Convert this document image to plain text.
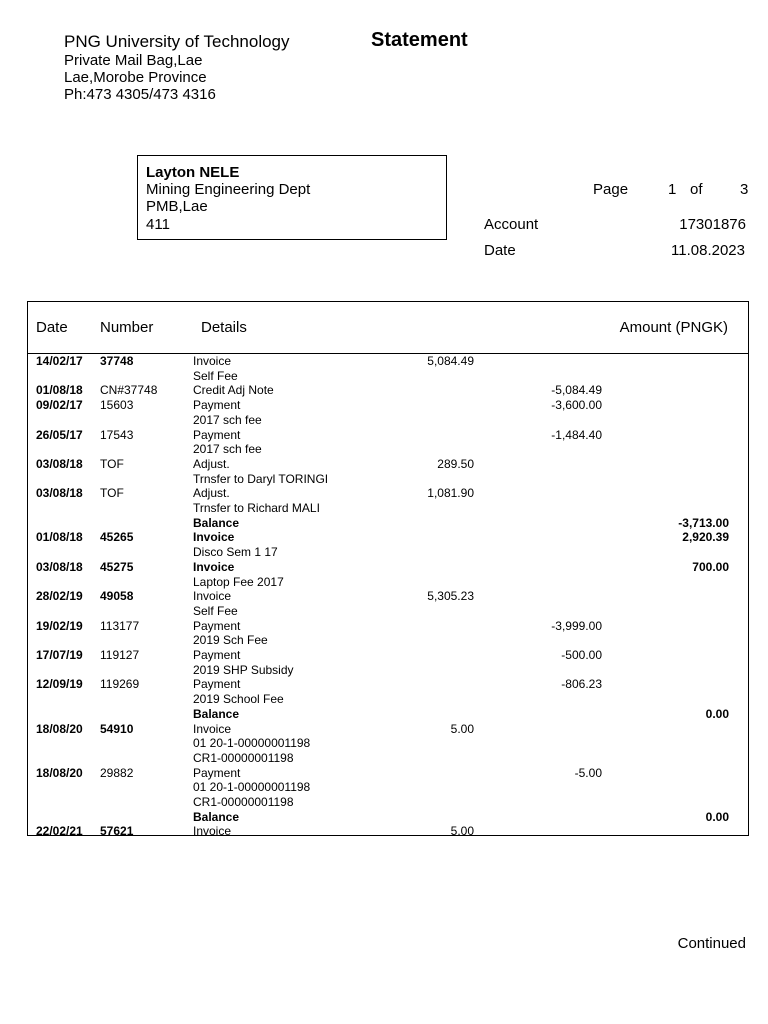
PNG University of Technology	Statement
Private Mail Bag,Lae
Lae,Morobe Province
Ph:473 4305/473 4316
Layton NELE
Mining Engineering Dept
PMB,Lae
411
Page	1 of 3
Account	17301876
Date	11.08.2023
Date Number	Details	Amount (PNGK)
14/02/17 37748	Invoice	5,084.49
Self Fee
01/08/18 CN#37748	Credit Adj Note	-5,084.49
09/02/17 15603	Payment	-3,600.00
2017 sch fee
26/05/17 17543	Payment	-1,484.40
2017 sch fee
03/08/18 TOF	Adjust.	289.50
Trnsfer to Daryl TORINGI
03/08/18 TOF	Adjust.	1,081.90
Trnsfer to Richard MALI
Balance	-3,713.00
01/08/18 45265	Invoice	2,920.39
Disco Sem 1 17
03/08/18 45275	Invoice	700.00
Laptop Fee 2017
28/02/19 49058	Invoice	5,305.23
Self Fee
19/02/19 113177	Payment	-3,999.00
2019 Sch Fee
17/07/19 119127	Payment	-500.00
2019 SHP Subsidy
12/09/19 119269	Payment	-806.23
2019 School Fee
Balance	0.00
18/08/20 54910	Invoice	5.00
01 20-1-00000001198
CR1-00000001198
18/08/20 29882	Payment	-5.00
01 20-1-00000001198
CR1-00000001198
Balance	0.00
22/02/21 57621	Invoice	5.00
Continued
